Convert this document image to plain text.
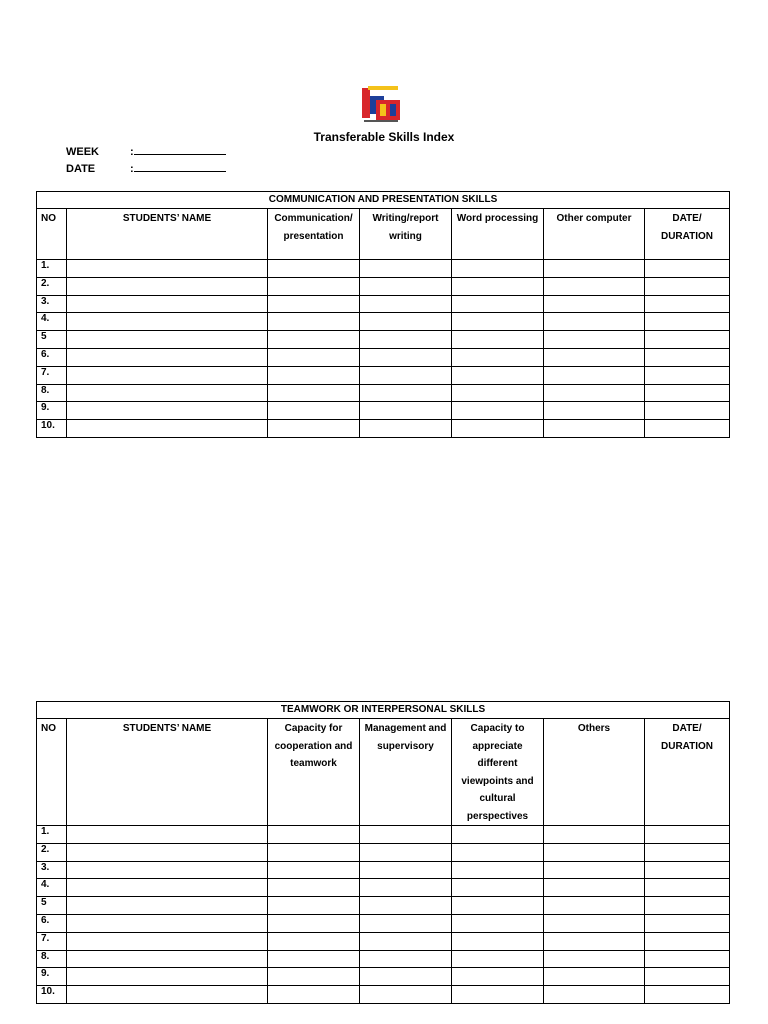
Transferable Skills Index
WEEK	:
DATE	:
COMMUNICATION AND PRESENTATION SKILLS						
NO	STUDENTS’ NAME	Communication/ presentation	Writing/report writing	Word processing	Other computer	DATE/ DURATION
1.						
2.						
3.						
4.						
5						
6.						
7.						
8.						
9.						
10.						
TEAMWORK OR INTERPERSONAL SKILLS						
NO	STUDENTS’ NAME	Capacity for cooperation and teamwork	Management and supervisory	Capacity to appreciate different viewpoints and cultural perspectives	Others	DATE/ DURATION
1.						
2.						
3.						
4.						
5						
6.						
7.						
8.						
9.						
10.						
